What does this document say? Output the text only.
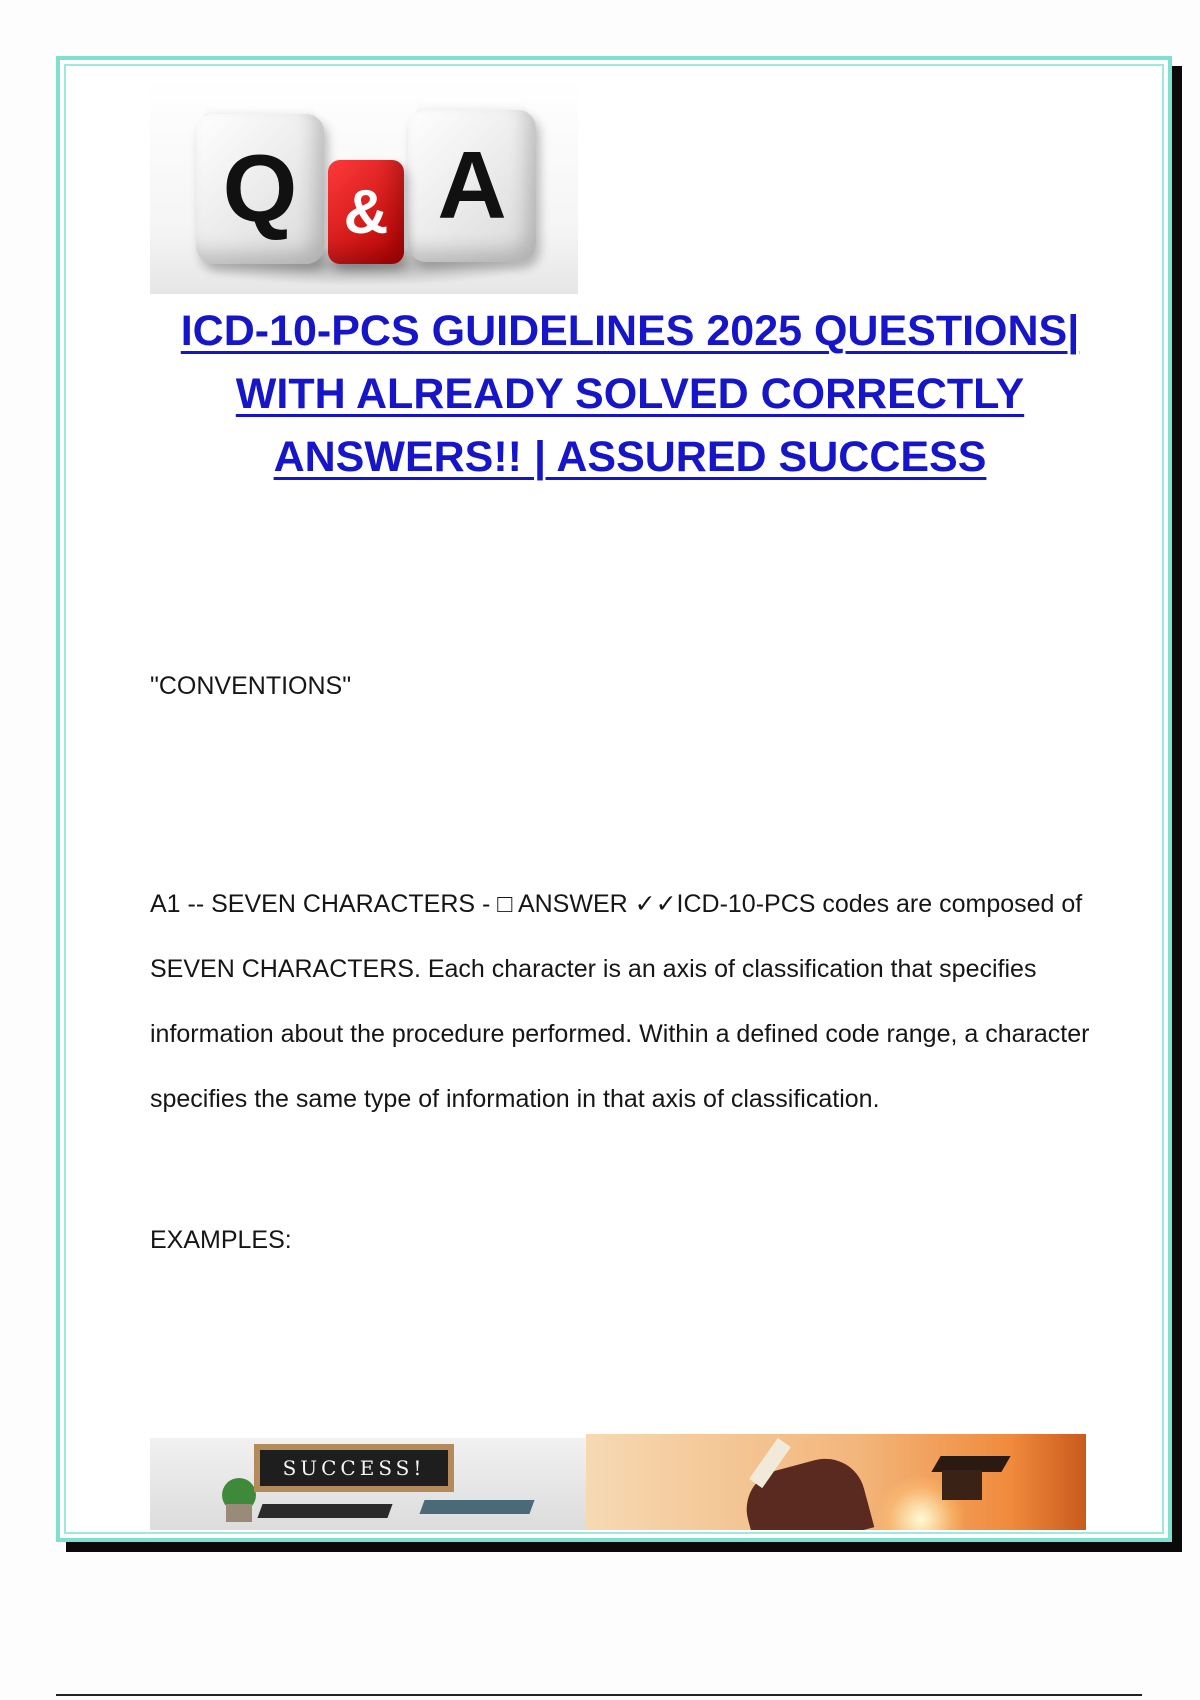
Q A
&
ICD-10-PCS GUIDELINES 2025 QUESTIONS| WITH ALREADY SOLVED CORRECTLY ANSWERS!! | ASSURED SUCCESS
"CONVENTIONS"
A1 -- SEVEN CHARACTERS - □ ANSWER ✓✓ICD-10-PCS codes are composed of SEVEN CHARACTERS. Each character is an axis of classification that specifies information about the procedure performed. Within a defined code range, a character specifies the same type of information in that axis of classification.
EXAMPLES:
SUCCESS!
